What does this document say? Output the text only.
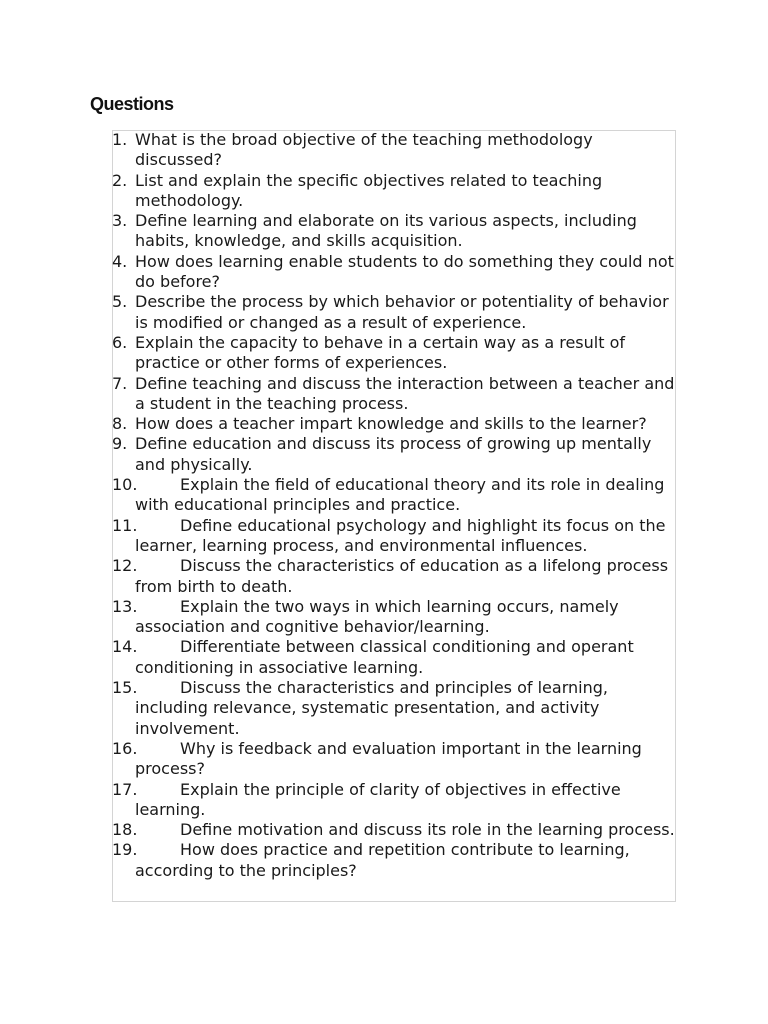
Questions
1. What is the broad objective of the teaching methodology discussed?
2. List and explain the specific objectives related to teaching methodology.
3. Define learning and elaborate on its various aspects, including habits, knowledge, and skills acquisition.
4. How does learning enable students to do something they could not do before?
5. Describe the process by which behavior or potentiality of behavior is modified or changed as a result of experience.
6. Explain the capacity to behave in a certain way as a result of practice or other forms of experiences.
7. Define teaching and discuss the interaction between a teacher and a student in the teaching process.
8. How does a teacher impart knowledge and skills to the learner?
9. Define education and discuss its process of growing up mentally and physically.
10.	Explain the field of educational theory and its role in dealing with educational principles and practice.
11.	Define educational psychology and highlight its focus on the learner, learning process, and environmental influences.
12.	Discuss the characteristics of education as a lifelong process from birth to death.
13.	Explain the two ways in which learning occurs, namely association and cognitive behavior/learning.
14.	Differentiate between classical conditioning and operant conditioning in associative learning.
15.	Discuss the characteristics and principles of learning, including relevance, systematic presentation, and activity involvement.
16.	Why is feedback and evaluation important in the learning process?
17.	Explain the principle of clarity of objectives in effective learning.
18.	Define motivation and discuss its role in the learning process.
19.	How does practice and repetition contribute to learning, according to the principles?
